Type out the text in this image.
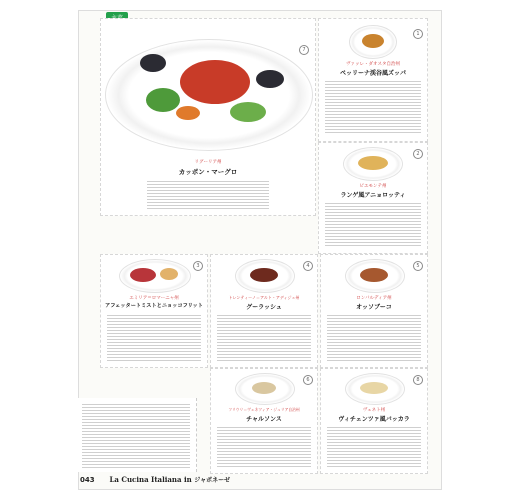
7
リグーリア州
カッポン・マーグロ
1
ヴァッレ・ダオスタ自治州
ペッリーナ渓谷風ズッパ
2
ピエモンテ州
ランゲ風アニョロッティ
3
エミリア＝ロマーニャ州
アフェッタートミストとニョッコフリット
4
トレンティーノ＝アルト・アディジェ州
グーラッシュ
5
ロンバルディア州
オッソブーコ
6
フリウリ＝ヴェネツィア・ジュリア自治州
チャルソンス
8
ヴェネト州
ヴィチェンツァ風バッカラ
043 La Cucina Italiana in ジャポネーゼ
